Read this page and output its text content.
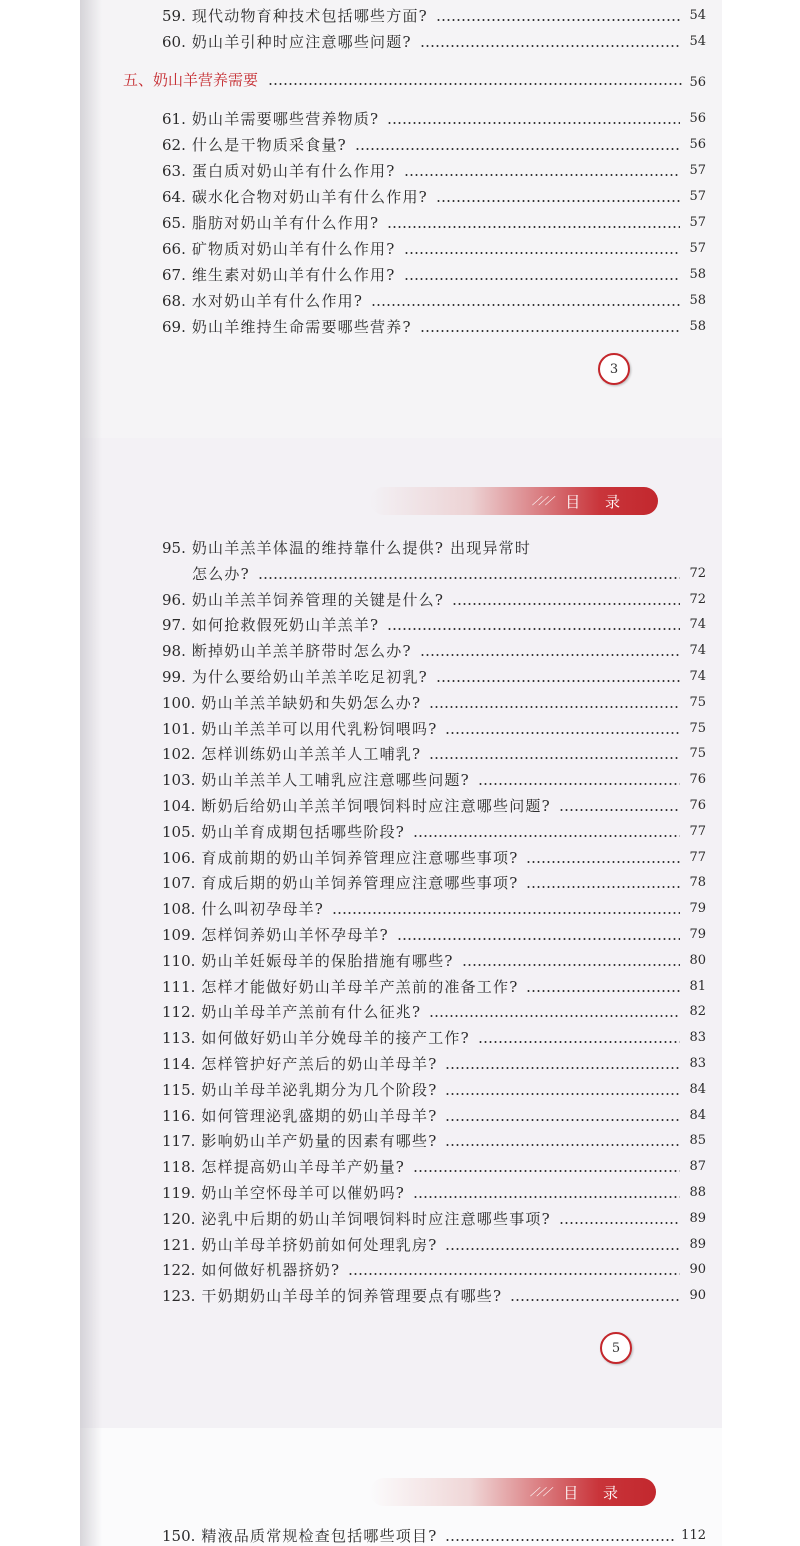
59. 现代动物育种技术包括哪些方面?	54
60. 奶山羊引种时应注意哪些问题?	54
五、奶山羊营养需要	56
61. 奶山羊需要哪些营养物质?	56
62. 什么是干物质采食量?	56
63. 蛋白质对奶山羊有什么作用?	57
64. 碳水化合物对奶山羊有什么作用?	57
65. 脂肪对奶山羊有什么作用?	57
66. 矿物质对奶山羊有什么作用?	57
67. 维生素对奶山羊有什么作用?	58
68. 水对奶山羊有什么作用?	58
69. 奶山羊维持生命需要哪些营养?	58
3
⟋⟋⟋ 目 录
95. 奶山羊羔羊体温的维持靠什么提供? 出现异常时
怎么办?	72
96. 奶山羊羔羊饲养管理的关键是什么?	72
97. 如何抢救假死奶山羊羔羊?	74
98. 断掉奶山羊羔羊脐带时怎么办?	74
99. 为什么要给奶山羊羔羊吃足初乳?	74
100. 奶山羊羔羊缺奶和失奶怎么办?	75
101. 奶山羊羔羊可以用代乳粉饲喂吗?	75
102. 怎样训练奶山羊羔羊人工哺乳?	75
103. 奶山羊羔羊人工哺乳应注意哪些问题?	76
104. 断奶后给奶山羊羔羊饲喂饲料时应注意哪些问题?	76
105. 奶山羊育成期包括哪些阶段?	77
106. 育成前期的奶山羊饲养管理应注意哪些事项?	77
107. 育成后期的奶山羊饲养管理应注意哪些事项?	78
108. 什么叫初孕母羊?	79
109. 怎样饲养奶山羊怀孕母羊?	79
110. 奶山羊妊娠母羊的保胎措施有哪些?	80
111. 怎样才能做好奶山羊母羊产羔前的准备工作?	81
112. 奶山羊母羊产羔前有什么征兆?	82
113. 如何做好奶山羊分娩母羊的接产工作?	83
114. 怎样管护好产羔后的奶山羊母羊?	83
115. 奶山羊母羊泌乳期分为几个阶段?	84
116. 如何管理泌乳盛期的奶山羊母羊?	84
117. 影响奶山羊产奶量的因素有哪些?	85
118. 怎样提高奶山羊母羊产奶量?	87
119. 奶山羊空怀母羊可以催奶吗?	88
120. 泌乳中后期的奶山羊饲喂饲料时应注意哪些事项?	89
121. 奶山羊母羊挤奶前如何处理乳房?	89
122. 如何做好机器挤奶?	90
123. 干奶期奶山羊母羊的饲养管理要点有哪些?	90
5
⟋⟋⟋ 目 录
150. 精液品质常规检查包括哪些项目?	112
